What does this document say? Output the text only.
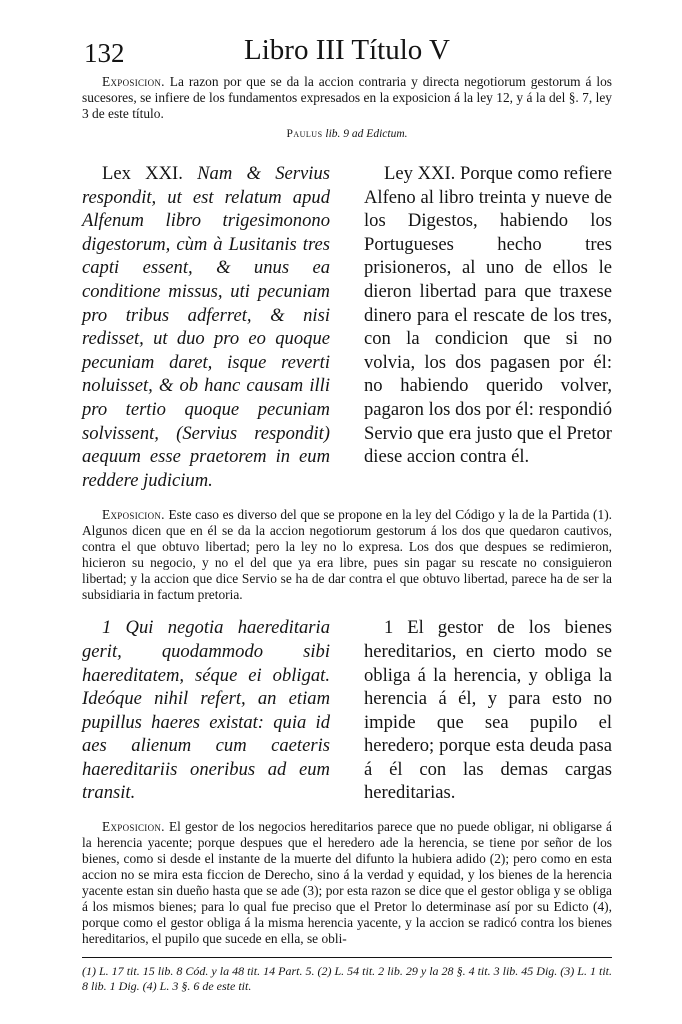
132	Libro III Título V

Exposicion. La razon por que se da la accion contraria y directa negotiorum gestorum á los sucesores, se infiere de los fundamentos expresados en la exposicion á la ley 12, y á la del §. 7, ley 3 de este título.

Paulus lib. 9 ad Edictum.

Lex XXI. Nam & Servius respondit, ut est relatum apud Alfenum libro trigesimonono digestorum, cùm à Lusitanis tres capti essent, & unus ea conditione missus, uti pecuniam pro tribus adferret, & nisi redisset, ut duo pro eo quoque pecuniam daret, isque reverti noluisset, & ob hanc causam illi pro tertio quoque pecuniam solvissent, (Servius respondit) aequum esse praetorem in eum reddere judicium.

Ley XXI. Porque como refiere Alfeno al libro treinta y nueve de los Digestos, habiendo los Portugueses hecho tres prisioneros, al uno de ellos le dieron libertad para que traxese dinero para el rescate de los tres, con la condicion que si no volvia, los dos pagasen por él: no habiendo querido volver, pagaron los dos por él: respondió Servio que era justo que el Pretor diese accion contra él.

Exposicion. Este caso es diverso del que se propone en la ley del Código y la de la Partida (1). Algunos dicen que en él se da la accion negotiorum gestorum á los dos que quedaron cautivos, contra el que obtuvo libertad; pero la ley no lo expresa. Los dos que despues se redimieron, hicieron su negocio, y no el del que ya era libre, pues sin pagar su rescate no consiguieron libertad; y la accion que dice Servio se ha de dar contra el que obtuvo libertad, parece ha de ser la subsidiaria in factum pretoria.

1 Qui negotia haereditaria gerit, quodammodo sibi haereditatem, séque ei obligat. Ideóque nihil refert, an etiam pupillus haeres existat: quia id aes alienum cum caeteris haereditariis oneribus ad eum transit.

1 El gestor de los bienes hereditarios, en cierto modo se obliga á la herencia, y obliga la herencia á él, y para esto no impide que sea pupilo el heredero; porque esta deuda pasa á él con las demas cargas hereditarias.

Exposicion. El gestor de los negocios hereditarios parece que no puede obligar, ni obligarse á la herencia yacente; porque despues que el heredero ade la herencia, se tiene por señor de los bienes, como si desde el instante de la muerte del difunto la hubiera adido (2); pero como en esta accion no se mira esta ficcion de Derecho, sino á la verdad y equidad, y los bienes de la herencia yacente estan sin dueño hasta que se ade (3); por esta razon se dice que el gestor obliga y se obliga á los mismos bienes; para lo qual fue preciso que el Pretor lo determinase así por su Edicto (4), porque como el gestor obliga á la misma herencia yacente, y la accion se radicó contra los bienes hereditarios, el pupilo que sucede en ella, se obli-

(1) L. 17 tit. 15 lib. 8 Cód. y la 48 tit. 14 Part. 5. (2) L. 54 tit. 2 lib. 29 y la 28 §. 4 tit. 3 lib. 45 Dig. (3) L. 1 tit. 8 lib. 1 Dig. (4) L. 3 §. 6 de este tit.
